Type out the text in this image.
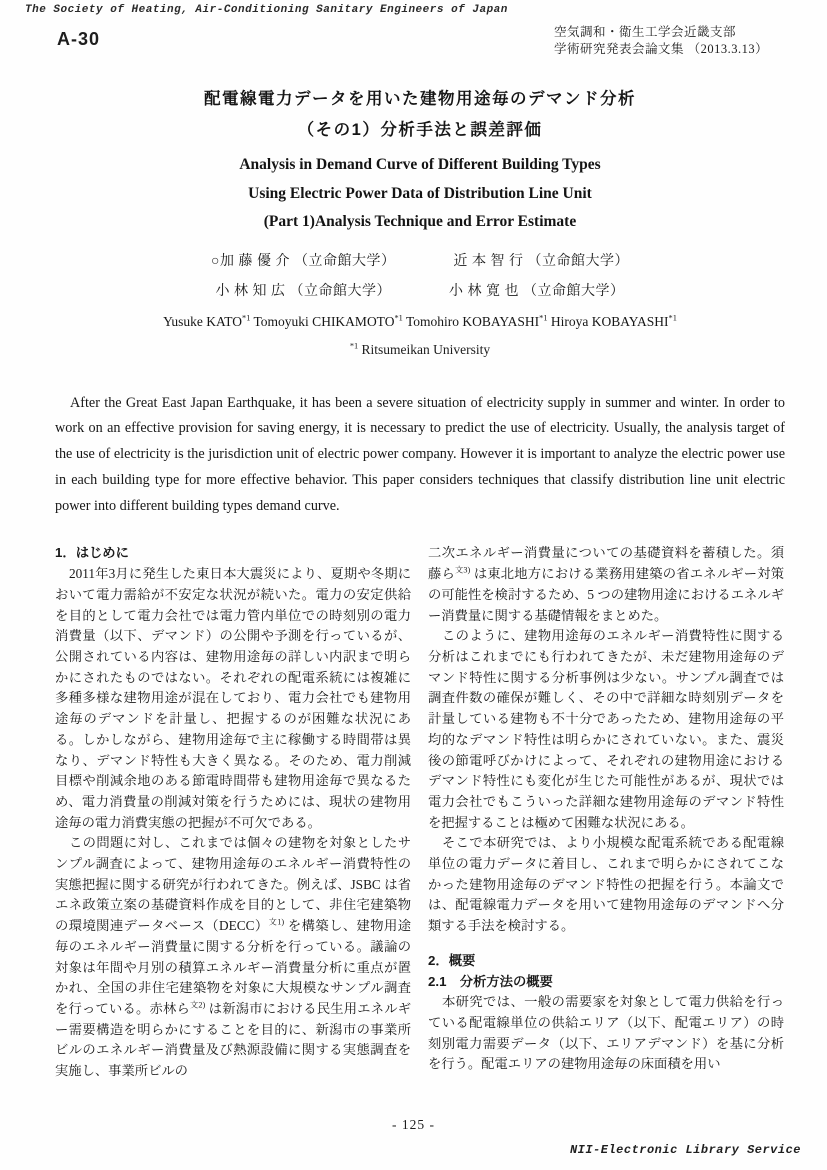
The Society of Heating, Air-Conditioning Sanitary Engineers of Japan
A-30	空気調和・衛生工学会近畿支部
学術研究発表会論文集 （2013.3.13）
配電線電力データを用いた建物用途毎のデマンド分析
（その1）分析手法と誤差評価
Analysis in Demand Curve of Different Building Types
Using Electric Power Data of Distribution Line Unit
(Part 1)Analysis Technique and Error Estimate
○加 藤 優 介 （立命館大学）	近 本 智 行 （立命館大学）
小 林 知 広 （立命館大学）	小 林 寛 也 （立命館大学）
Yusuke KATO$^{*1}$ Tomoyuki CHIKAMOTO$^{*1}$ Tomohiro KOBAYASHI$^{*1}$ Hiroya KOBAYASHI$^{*1}$
$^{*1}$ Ritsumeikan University
After the Great East Japan Earthquake, it has been a severe situation of electricity supply in summer and winter. In order to work on an effective provision for saving energy, it is necessary to predict the use of electricity. Usually, the analysis target of the use of electricity is the jurisdiction unit of electric power company. However it is important to analyze the electric power use in each building type for more effective behavior. This paper considers techniques that classify distribution line unit electric power into different building types demand curve.
1．はじめに
2011年3月に発生した東日本大震災により、夏期や冬期において電力需給が不安定な状況が続いた。電力の安定供給を目的として電力会社では電力管内単位での時刻別の電力消費量（以下、デマンド）の公開や予測を行っているが、公開されている内容は、建物用途毎の詳しい内訳まで明らかにされたものではない。それぞれの配電系統には複雑に多種多様な建物用途が混在しており、電力会社でも建物用途毎のデマンドを計量し、把握するのが困難な状況にある。しかしながら、建物用途毎で主に稼働する時間帯は異なり、デマンド特性も大きく異なる。そのため、電力削減目標や削減余地のある節電時間帯も建物用途毎で異なるため、電力消費量の削減対策を行うためには、現状の建物用途毎の電力消費実態の把握が不可欠である。
この問題に対し、これまでは個々の建物を対象としたサンプル調査によって、建物用途毎のエネルギー消費特性の実態把握に関する研究が行われてきた。例えば、JSBC は省エネ政策立案の基礎資料作成を目的として、非住宅建築物の環境関連データベース（DECC）$^{文1)}$ を構築し、建物用途毎のエネルギー消費量に関する分析を行っている。議論の対象は年間や月別の積算エネルギー消費量分析に重点が置かれ、全国の非住宅建築物を対象に大規模なサンプル調査を行っている。赤林ら$^{文2)}$ は新潟市における民生用エネルギー需要構造を明らかにすることを目的に、新潟市の事業所ビルのエネルギー消費量及び熱源設備に関する実態調査を実施し、事業所ビルの
二次エネルギー消費量についての基礎資料を蓄積した。須藤ら$^{文3)}$ は東北地方における業務用建築の省エネルギー対策の可能性を検討するため、5 つの建物用途におけるエネルギー消費量に関する基礎情報をまとめた。
このように、建物用途毎のエネルギー消費特性に関する分析はこれまでにも行われてきたが、未だ建物用途毎のデマンド特性に関する分析事例は少ない。サンプル調査では調査件数の確保が難しく、その中で詳細な時刻別データを計量している建物も不十分であったため、建物用途毎の平均的なデマンド特性は明らかにされていない。また、震災後の節電呼びかけによって、それぞれの建物用途におけるデマンド特性にも変化が生じた可能性があるが、現状では電力会社でもこういった詳細な建物用途毎のデマンド特性を把握することは極めて困難な状況にある。
そこで本研究では、より小規模な配電系統である配電線単位の電力データに着目し、これまで明らかにされてこなかった建物用途毎のデマンド特性の把握を行う。本論文では、配電線電力データを用いて建物用途毎のデマンドへ分類する手法を検討する。
2．概要
2.1　分析方法の概要
本研究では、一般の需要家を対象として電力供給を行っている配電線単位の供給エリア（以下、配電エリア）の時刻別電力需要データ（以下、エリアデマンド）を基に分析を行う。配電エリアの建物用途毎の床面積を用い
- 125 -
NII-Electronic Library Service
